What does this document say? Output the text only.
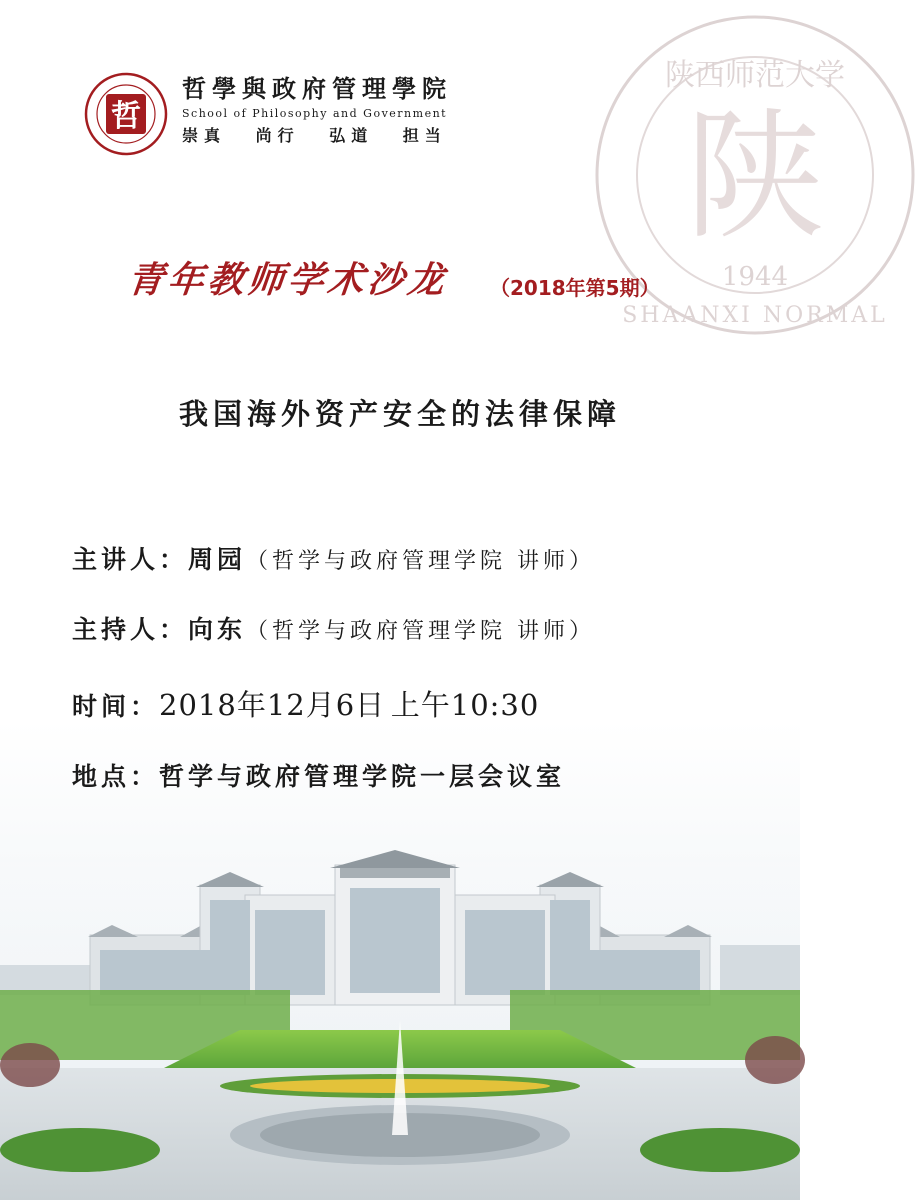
陕西师范大学
陕
1944
SHAANXI NORMAL
哲
哲學與政府管理學院
School of Philosophy and Government
崇真 尚行 弘道 担当
青年教师学术沙龙 （2018年第5期）
我国海外资产安全的法律保障
主讲人：周园（哲学与政府管理学院 讲师）
主持人：向东（哲学与政府管理学院 讲师）
时间：2018年12月6日 上午10:30
地点：哲学与政府管理学院一层会议室
